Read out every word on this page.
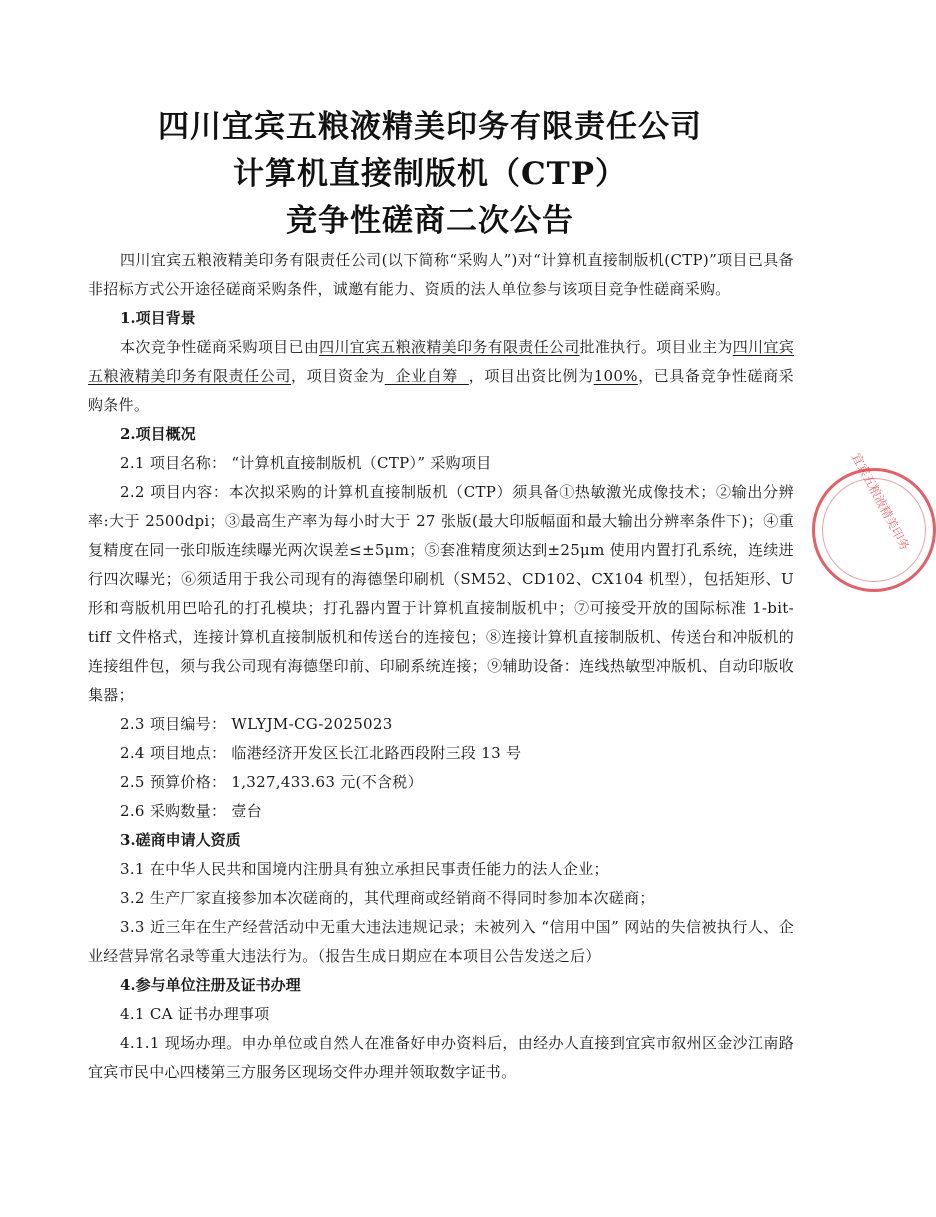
四川宜宾五粮液精美印务有限责任公司
计算机直接制版机（CTP）
竞争性磋商二次公告

四川宜宾五粮液精美印务有限责任公司(以下简称“采购人”)对“计算机直接制版机(CTP)”项目已具备非招标方式公开途径磋商采购条件，诚邀有能力、资质的法人单位参与该项目竞争性磋商采购。

1.项目背景

本次竞争性磋商采购项目已由四川宜宾五粮液精美印务有限责任公司批准执行。项目业主为四川宜宾五粮液精美印务有限责任公司，项目资金为  企业自筹  ，项目出资比例为100%，已具备竞争性磋商采购条件。

2.项目概况

2.1 项目名称： “计算机直接制版机（CTP）” 采购项目

2.2 项目内容：本次拟采购的计算机直接制版机（CTP）须具备①热敏激光成像技术；②输出分辨率:大于 2500dpi；③最高生产率为每小时大于 27 张版(最大印版幅面和最大输出分辨率条件下)；④重复精度在同一张印版连续曝光两次误差≤±5μm；⑤套准精度须达到±25μm 使用内置打孔系统，连续进行四次曝光；⑥须适用于我公司现有的海德堡印刷机（SM52、CD102、CX104 机型），包括矩形、U 形和弯版机用巴哈孔的打孔模块；打孔器内置于计算机直接制版机中；⑦可接受开放的国际标准 1-bit-tiff 文件格式，连接计算机直接制版机和传送台的连接包；⑧连接计算机直接制版机、传送台和冲版机的连接组件包，须与我公司现有海德堡印前、印刷系统连接；⑨辅助设备：连线热敏型冲版机、自动印版收集器；

2.3 项目编号： WLYJM-CG-2025023

2.4 项目地点： 临港经济开发区长江北路西段附三段 13 号

2.5 预算价格： 1,327,433.63 元(不含税）

2.6 采购数量： 壹台

3.磋商申请人资质

3.1 在中华人民共和国境内注册具有独立承担民事责任能力的法人企业；

3.2 生产厂家直接参加本次磋商的，其代理商或经销商不得同时参加本次磋商；

3.3 近三年在生产经营活动中无重大违法违规记录；未被列入 “信用中国” 网站的失信被执行人、企业经营异常名录等重大违法行为。（报告生成日期应在本项目公告发送之后）

4.参与单位注册及证书办理

4.1 CA 证书办理事项

4.1.1 现场办理。申办单位或自然人在准备好申办资料后，由经办人直接到宜宾市叙州区金沙江南路宜宾市民中心四楼第三方服务区现场交件办理并领取数字证书。

宜宾五粮液精美印务
